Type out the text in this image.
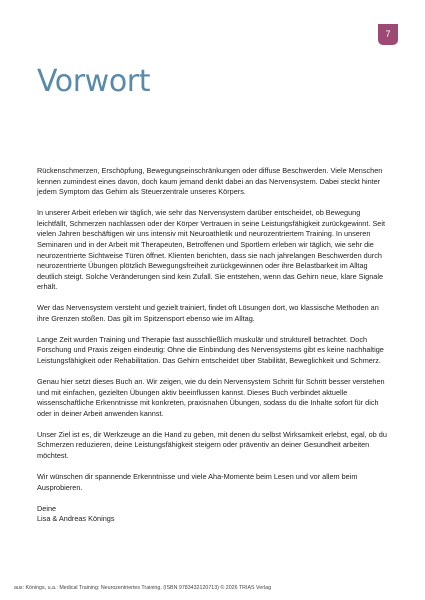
7
Vorwort

Rückenschmerzen, Erschöpfung, Bewegungseinschränkungen oder diffuse Beschwerden. Viele Menschen kennen zumindest eines davon, doch kaum jemand denkt dabei an das Nervensystem. Dabei steckt hinter jedem Symptom das Gehirn als Steuerzentrale unseres Körpers.

In unserer Arbeit erleben wir täglich, wie sehr das Nervensystem darüber entscheidet, ob Bewegung leichtfällt, Schmerzen nachlassen oder der Körper Vertrauen in seine Leistungsfähigkeit zurückgewinnt. Seit vielen Jahren beschäftigen wir uns intensiv mit Neuroathletik und neurozentriertem Training. In unseren Seminaren und in der Arbeit mit Therapeuten, Betroffenen und Sportlern erleben wir täglich, wie sehr die neurozentrierte Sichtweise Türen öffnet. Klienten berichten, dass sie nach jahrelangen Beschwerden durch neurozentrierte Übungen plötzlich Bewegungsfreiheit zurückgewinnen oder ihre Belastbarkeit im Alltag deutlich steigt. Solche Veränderungen sind kein Zufall. Sie entstehen, wenn das Gehirn neue, klare Signale erhält.

Wer das Nervensystem versteht und gezielt trainiert, findet oft Lösungen dort, wo klassische Methoden an ihre Grenzen stoßen. Das gilt im Spitzensport ebenso wie im Alltag.

Lange Zeit wurden Training und Therapie fast ausschließlich muskulär und strukturell betrachtet. Doch Forschung und Praxis zeigen eindeutig: Ohne die Einbindung des Nervensystems gibt es keine nachhaltige Leistungsfähigkeit oder Rehabilitation. Das Gehirn entscheidet über Stabilität, Beweglichkeit und Schmerz.

Genau hier setzt dieses Buch an. Wir zeigen, wie du dein Nervensystem Schritt für Schritt besser verstehen und mit einfachen, gezielten Übungen aktiv beeinflussen kannst. Dieses Buch verbindet aktuelle wissenschaftliche Erkenntnisse mit konkreten, praxisnahen Übungen, sodass du die Inhalte sofort für dich oder in deiner Arbeit anwenden kannst.

Unser Ziel ist es, dir Werkzeuge an die Hand zu geben, mit denen du selbst Wirksamkeit erlebst, egal, ob du Schmerzen reduzieren, deine Leistungsfähigkeit steigern oder präventiv an deiner Gesundheit arbeiten möchtest.

Wir wünschen dir spannende Erkenntnisse und viele Aha-Momente beim Lesen und vor allem beim Ausprobieren.

Deine

Lisa & Andreas Könings

aus: Könings, u.a.: Medical Training: Neurozentriertes Training, (ISBN 9783432120713) © 2026 TRIAS Verlag
